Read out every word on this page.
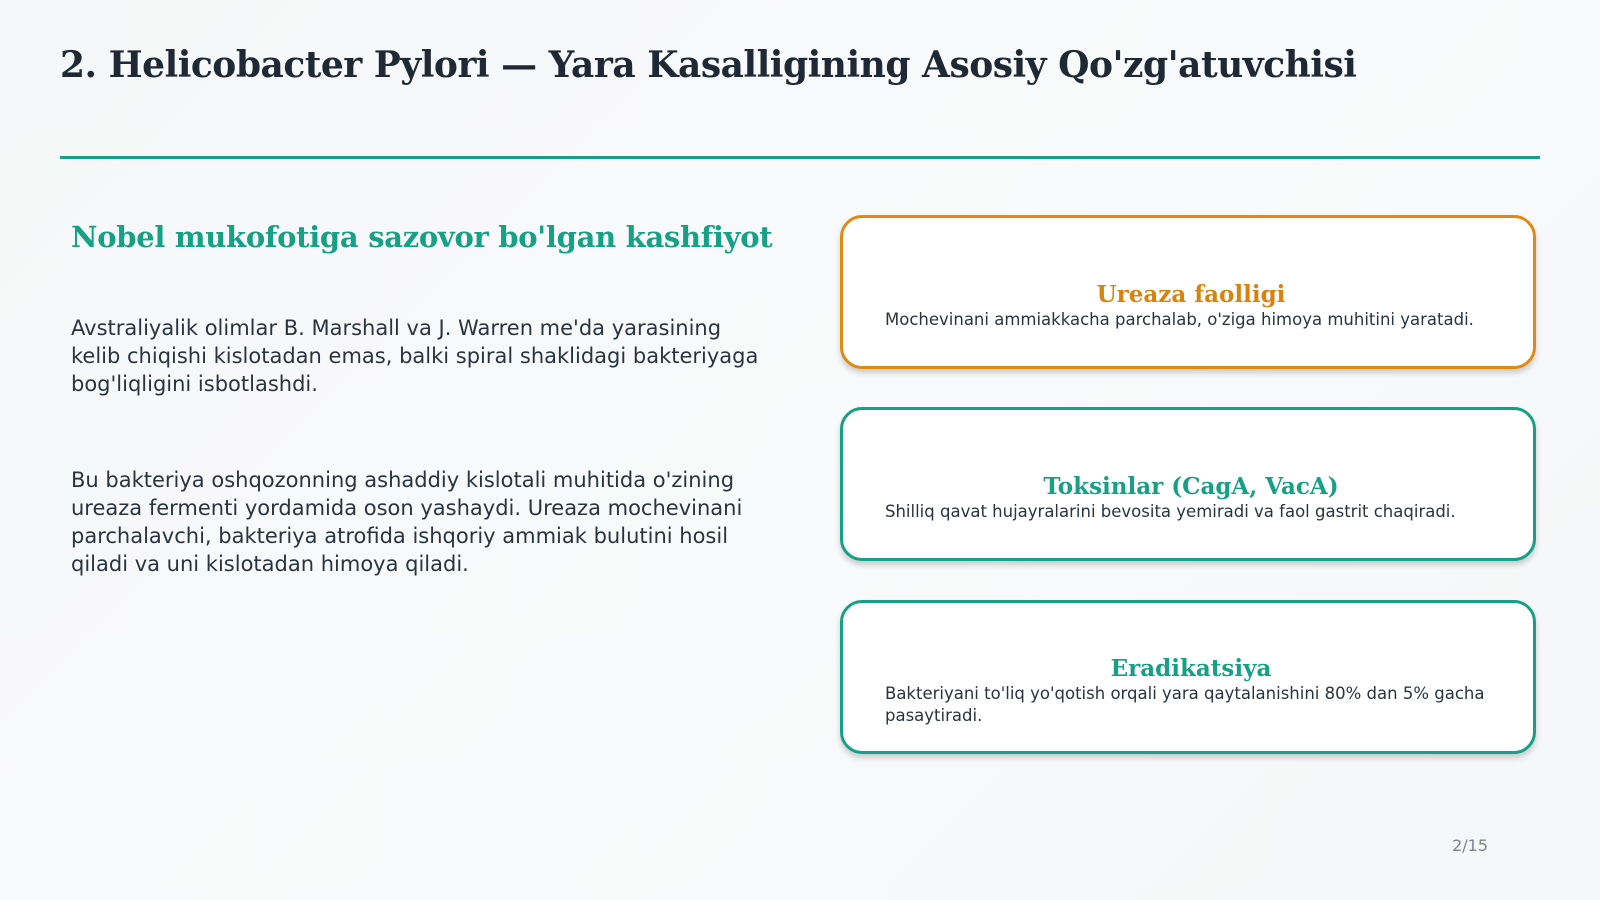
2. Helicobacter Pylori — Yara Kasalligining Asosiy Qo'zg'atuvchisi
Nobel mukofotiga sazovor bo'lgan kashfiyot

Avstraliyalik olimlar B. Marshall va J. Warren me'da yarasining kelib chiqishi kislotadan emas, balki spiral shaklidagi bakteriyaga bog'liqligini isbotlashdi.

Bu bakteriya oshqozonning ashaddiy kislotali muhitida o'zining ureaza fermenti yordamida oson yashaydi. Ureaza mochevinani parchalavchi, bakteriya atrofida ishqoriy ammiak bulutini hosil qiladi va uni kislotadan himoya qiladi.

Ureaza faolligi

Mochevinani ammiakkacha parchalab, o'ziga himoya muhitini yaratadi.

Toksinlar (CagA, VacA)

Shilliq qavat hujayralarini bevosita yemiradi va faol gastrit chaqiradi.

Eradikatsiya

Bakteriyani to'liq yo'qotish orqali yara qaytalanishini 80% dan 5% gacha pasaytiradi.

2/15
